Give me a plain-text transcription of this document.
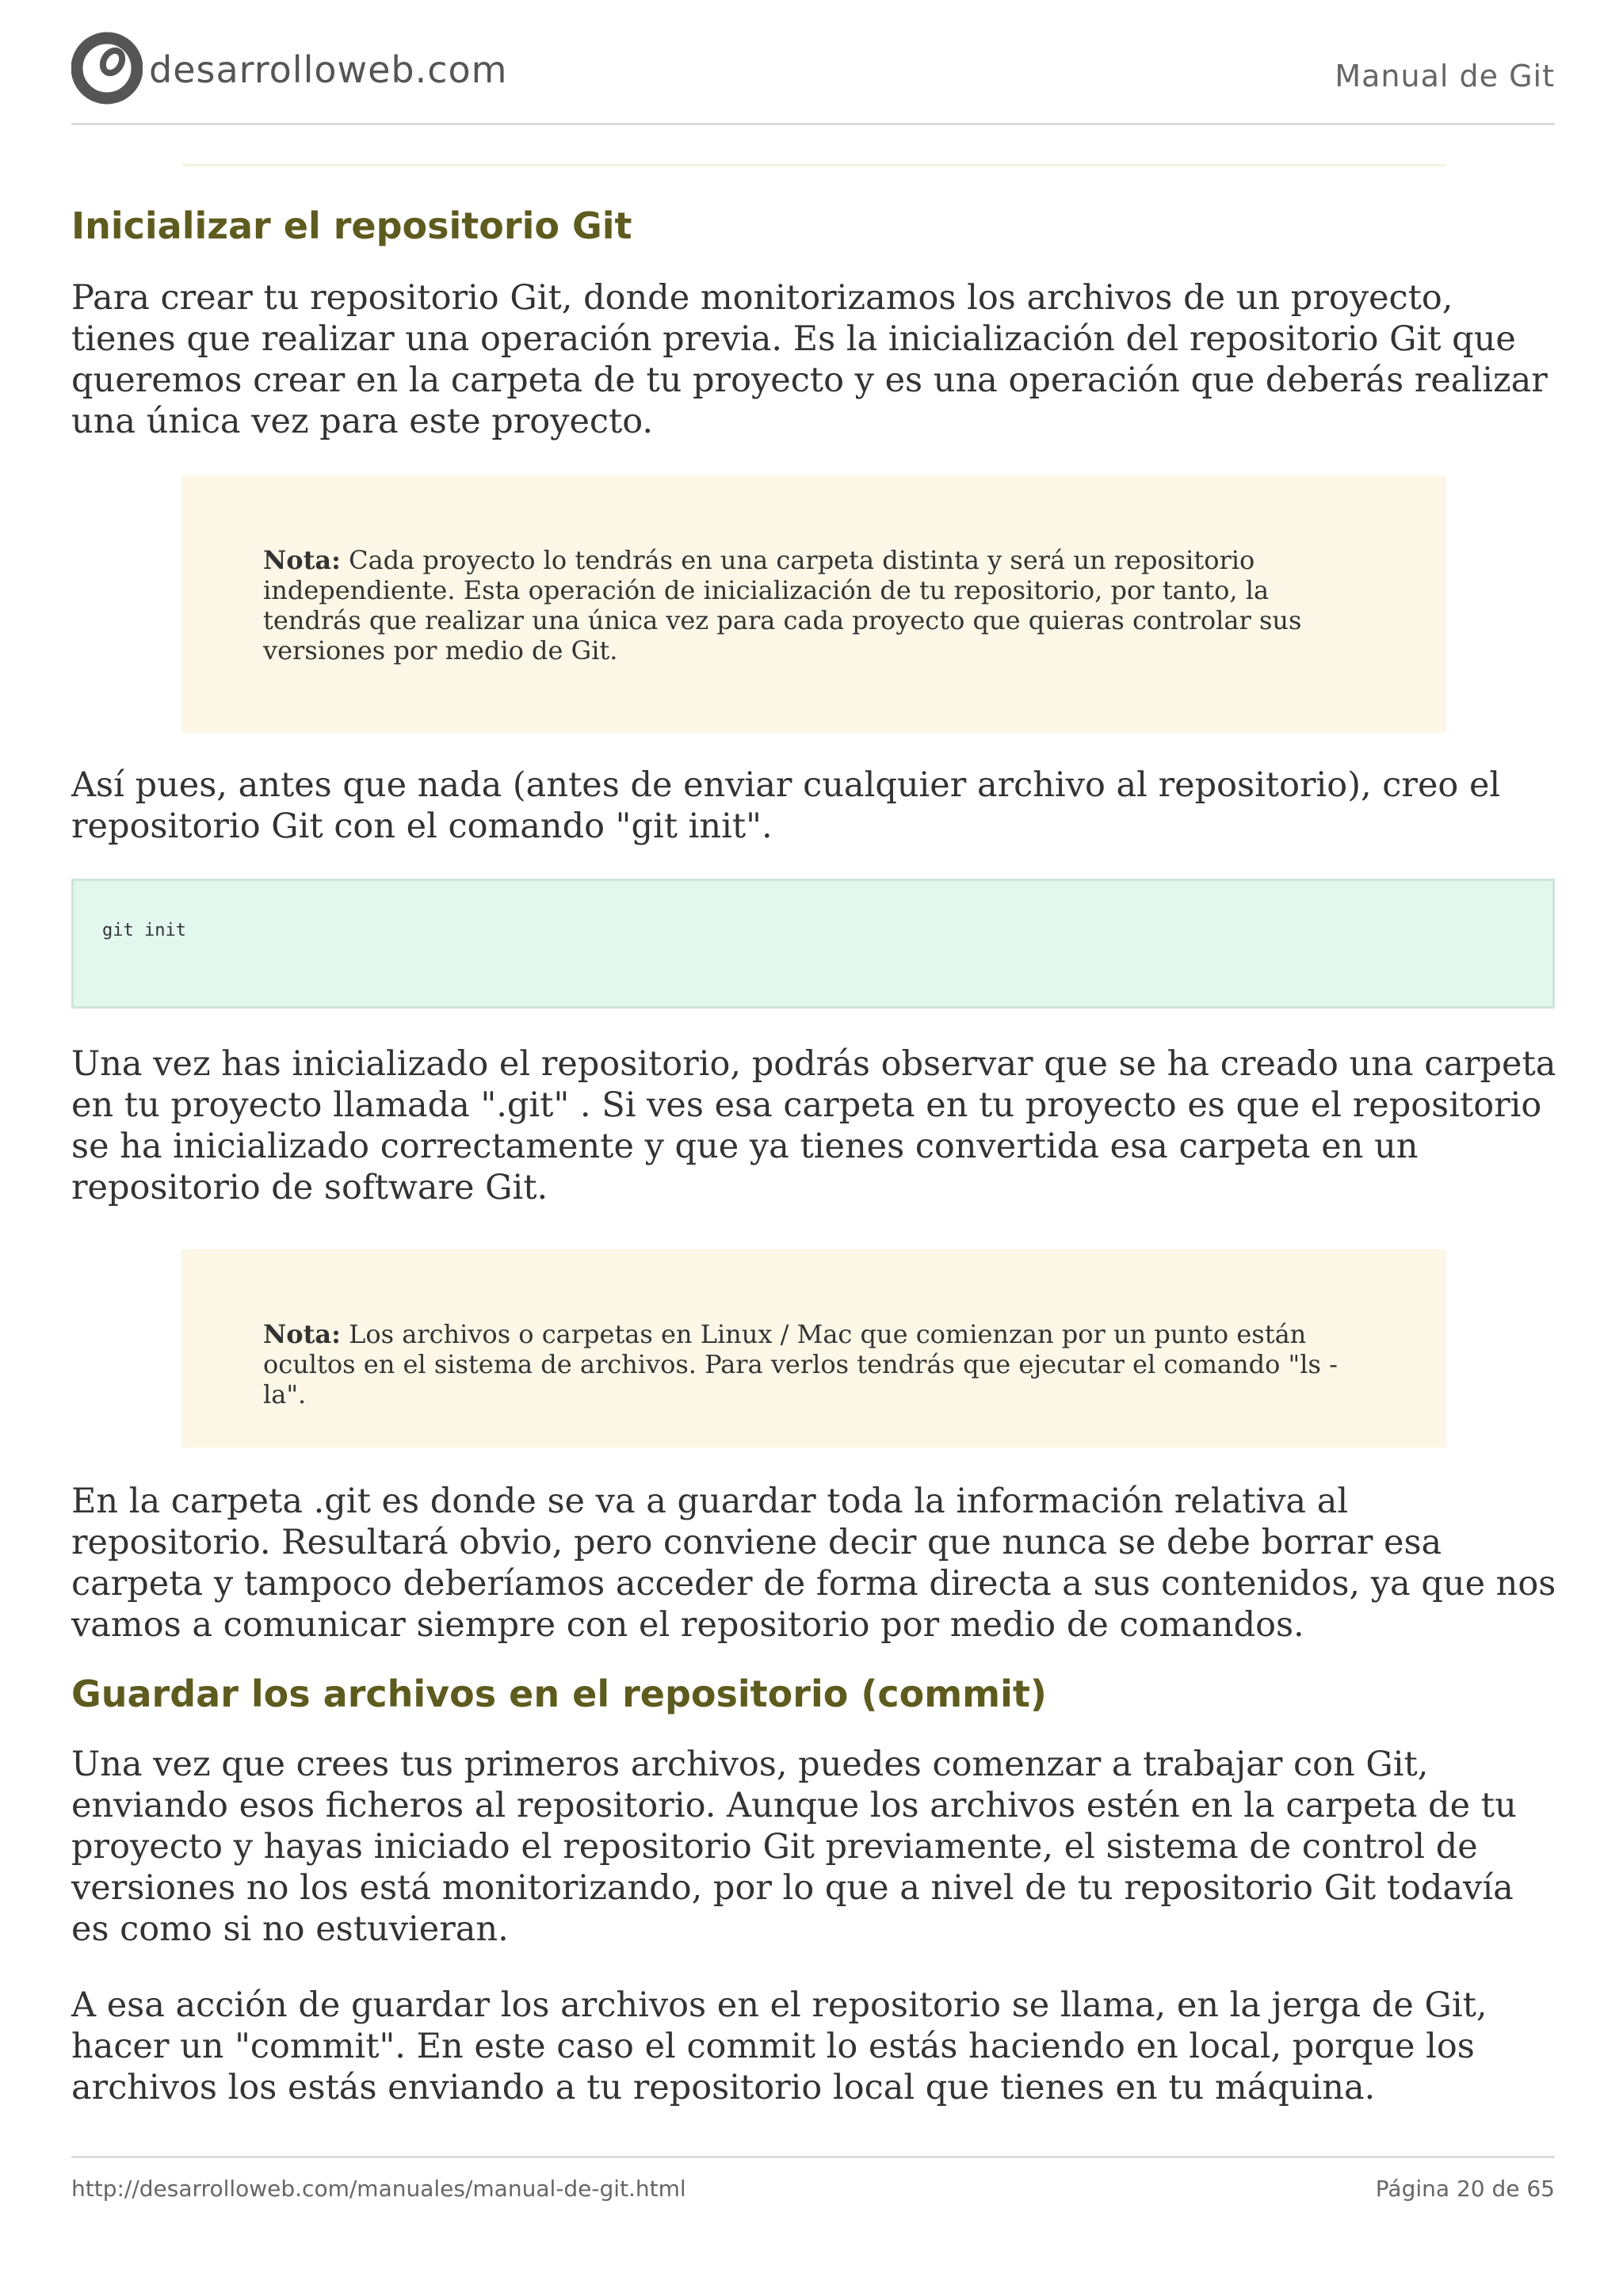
desarrolloweb.com	Manual de Git
Inicializar el repositorio Git

Para crear tu repositorio Git, donde monitorizamos los archivos de un proyecto, tienes que realizar una operación previa. Es la inicialización del repositorio Git que queremos crear en la carpeta de tu proyecto y es una operación que deberás realizar una única vez para este proyecto.

Nota: Cada proyecto lo tendrás en una carpeta distinta y será un repositorio independiente. Esta operación de inicialización de tu repositorio, por tanto, la tendrás que realizar una única vez para cada proyecto que quieras controlar sus versiones por medio de Git.

Así pues, antes que nada (antes de enviar cualquier archivo al repositorio), creo el repositorio Git con el comando "git init".

git init

Una vez has inicializado el repositorio, podrás observar que se ha creado una carpeta en tu proyecto llamada ".git" . Si ves esa carpeta en tu proyecto es que el repositorio se ha inicializado correctamente y que ya tienes convertida esa carpeta en un repositorio de software Git.

Nota: Los archivos o carpetas en Linux / Mac que comienzan por un punto están ocultos en el sistema de archivos. Para verlos tendrás que ejecutar el comando "ls -la".

En la carpeta .git es donde se va a guardar toda la información relativa al repositorio. Resultará obvio, pero conviene decir que nunca se debe borrar esa carpeta y tampoco deberíamos acceder de forma directa a sus contenidos, ya que nos vamos a comunicar siempre con el repositorio por medio de comandos.

Guardar los archivos en el repositorio (commit)

Una vez que crees tus primeros archivos, puedes comenzar a trabajar con Git, enviando esos ficheros al repositorio. Aunque los archivos estén en la carpeta de tu proyecto y hayas iniciado el repositorio Git previamente, el sistema de control de versiones no los está monitorizando, por lo que a nivel de tu repositorio Git todavía es como si no estuvieran.

A esa acción de guardar los archivos en el repositorio se llama, en la jerga de Git, hacer un "commit". En este caso el commit lo estás haciendo en local, porque los archivos los estás enviando a tu repositorio local que tienes en tu máquina.

http://desarrolloweb.com/manuales/manual-de-git.html	Página 20 de 65
